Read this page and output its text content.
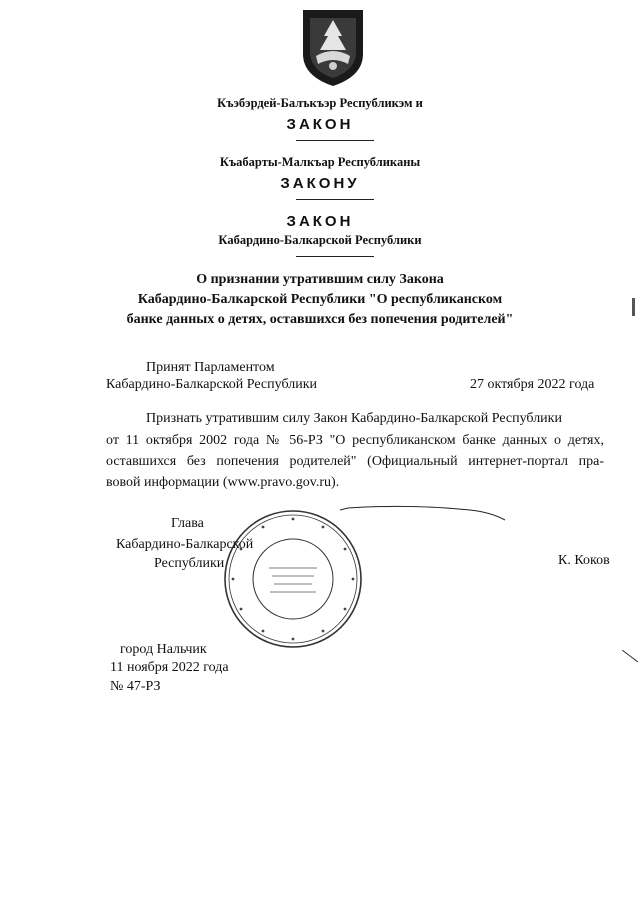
Къэбэрдей-Балъкъэр Республикэм и
ЗАКОН
Къабарты-Малкъар Республиканы
ЗАКОНУ
ЗАКОН
Кабардино-Балкарской Республики
О признании утратившим силу Закона
Кабардино-Балкарской Республики "О республиканском
банке данных о детях, оставшихся без попечения родителей"
Принят Парламентом
Кабардино-Балкарской Республики	27 октября 2022 года
Признать утратившим силу Закон Кабардино-Балкарской Республики
от 11 октября 2002 года № 56-РЗ "О республиканском банке данных о детях,
оставшихся без попечения родителей" (Официальный интернет-портал пра-
вовой информации (www.pravo.gov.ru).
Глава
Кабардино-Балкарской
Республики	К. Коков
город Нальчик
11 ноября 2022 года
№ 47-РЗ
